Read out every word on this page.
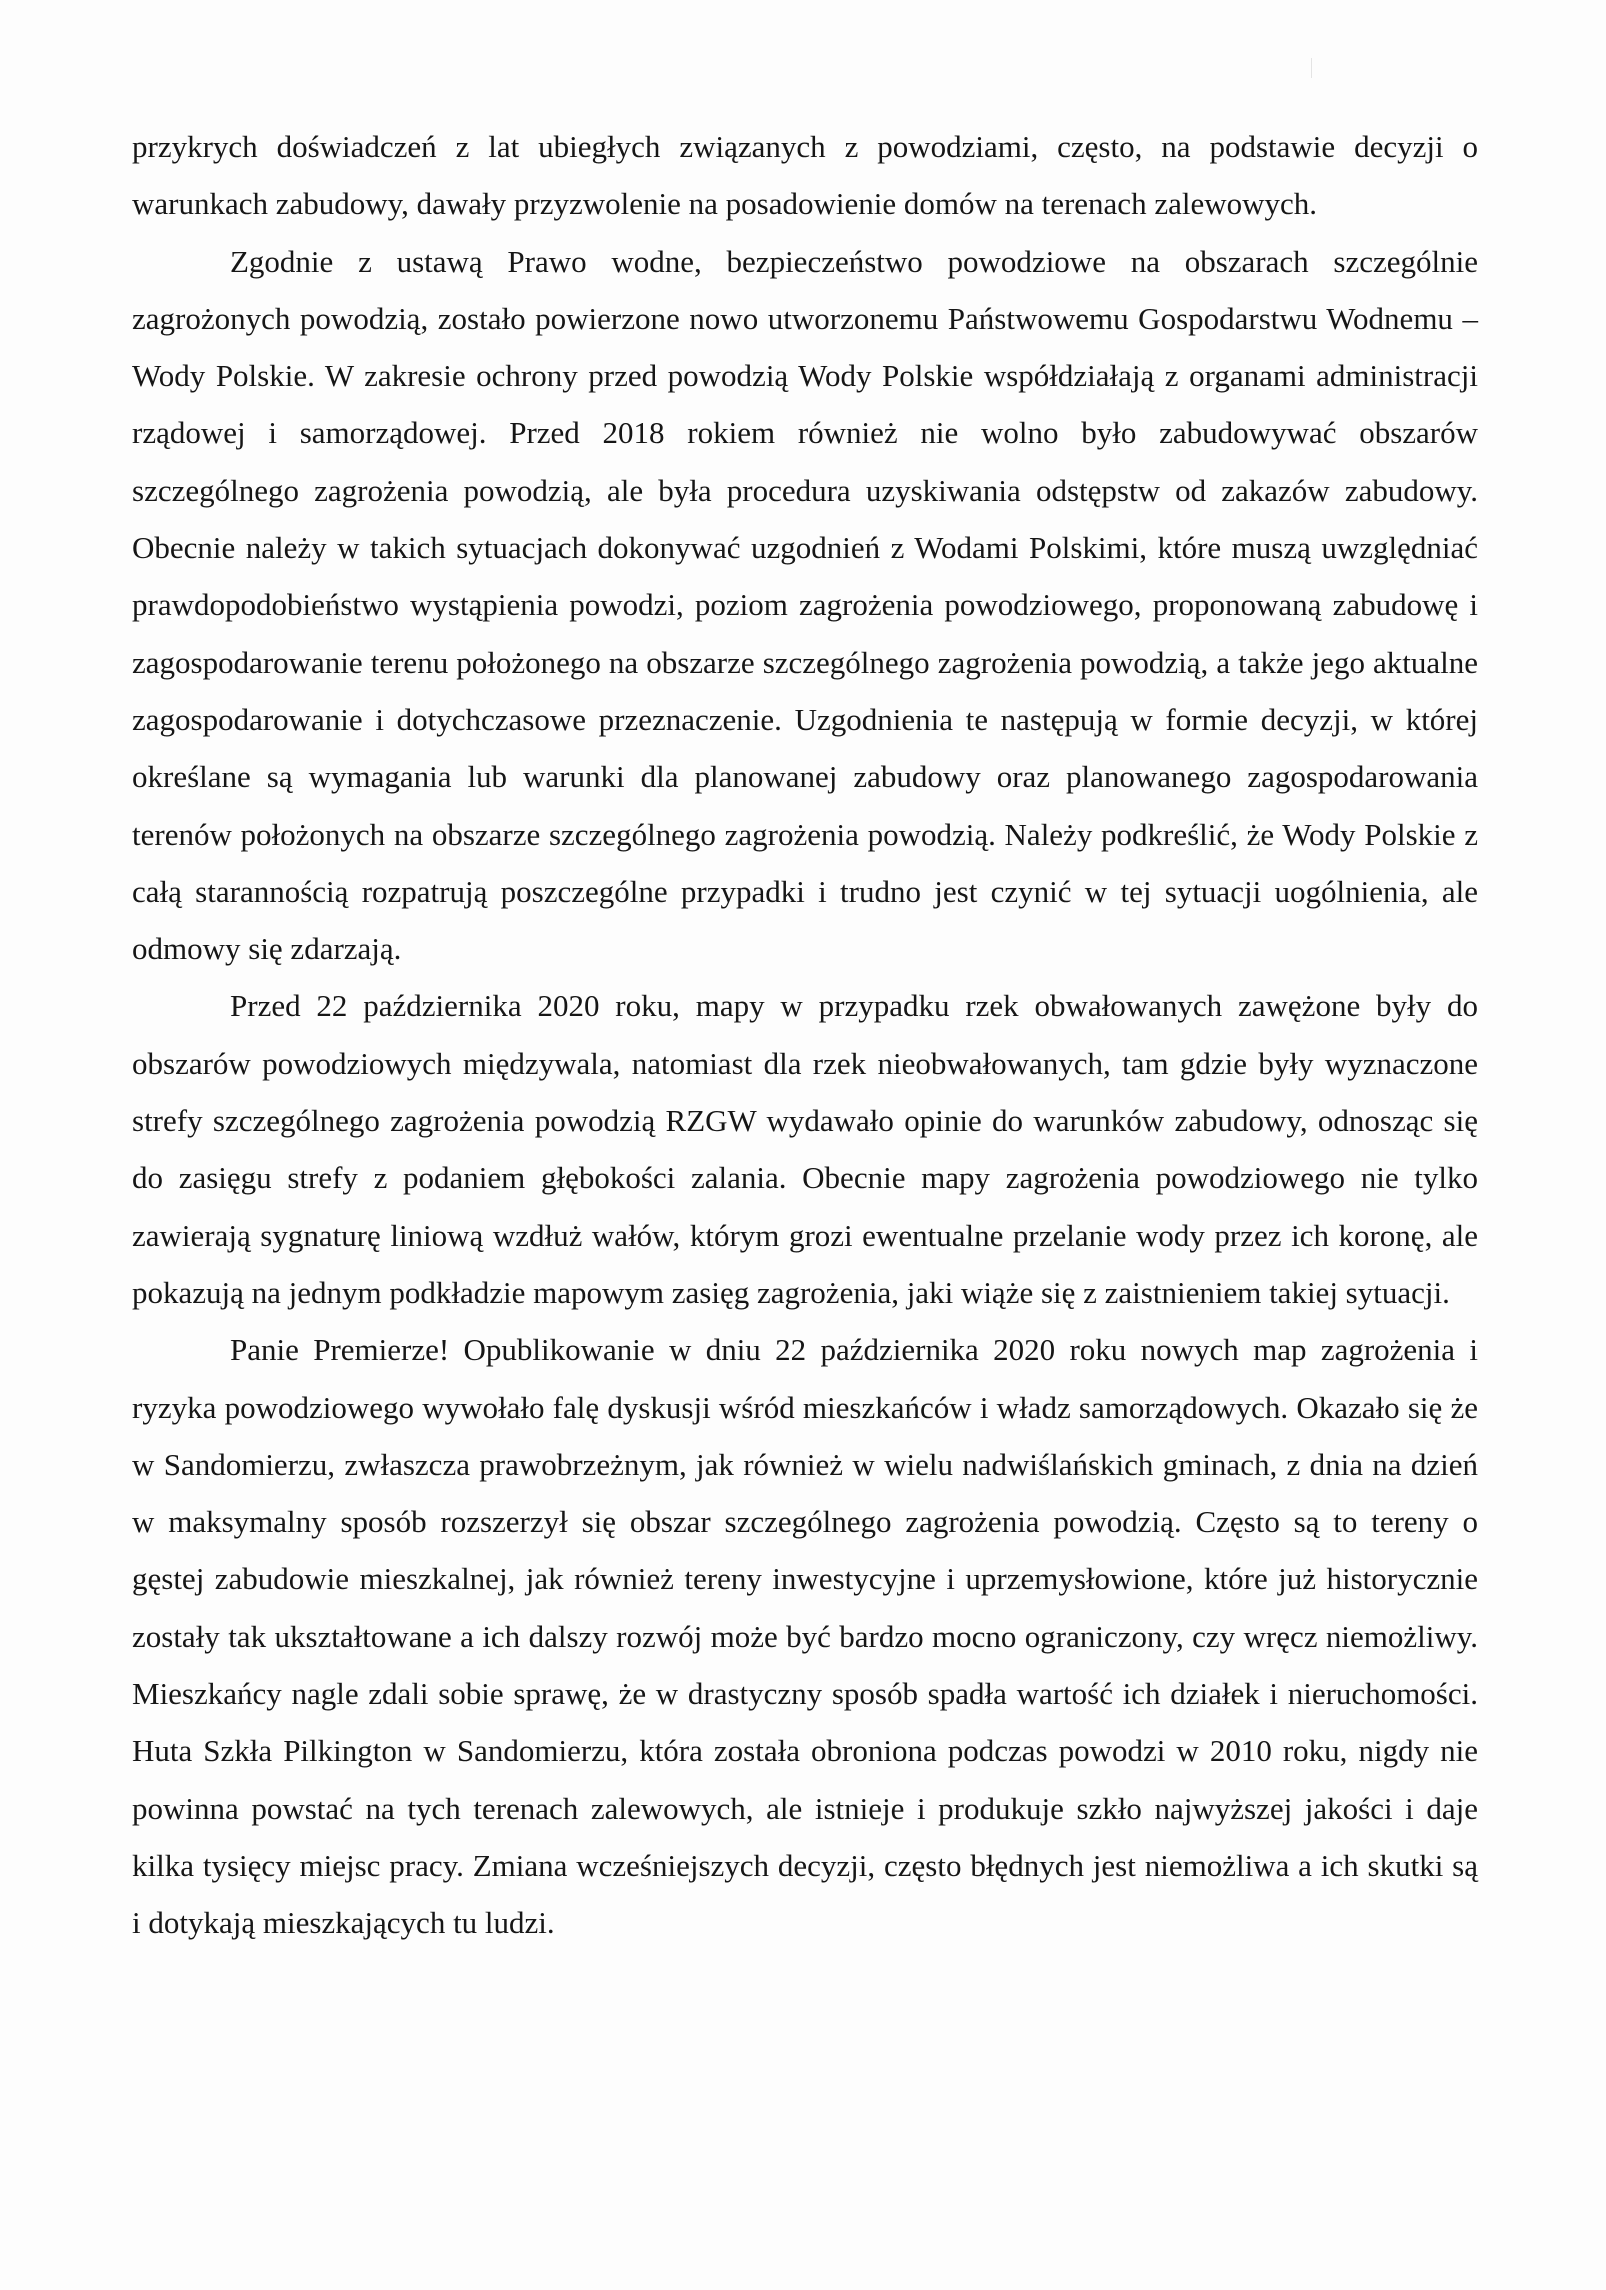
przykrych doświadczeń z lat ubiegłych związanych z powodziami, często, na podstawie decyzji o warunkach zabudowy, dawały przyzwolenie na posadowienie domów na terenach zalewowych.

Zgodnie z ustawą Prawo wodne, bezpieczeństwo powodziowe na obszarach szczególnie zagrożonych powodzią, zostało powierzone nowo utworzonemu Państwowemu Gospodarstwu Wodnemu – Wody Polskie. W zakresie ochrony przed powodzią Wody Polskie współdziałają z organami administracji rządowej i samorządowej. Przed 2018 rokiem również nie wolno było zabudowywać obszarów szczególnego zagrożenia powodzią, ale była procedura uzyskiwania odstępstw od zakazów zabudowy. Obecnie należy w takich sytuacjach dokonywać uzgodnień z Wodami Polskimi, które muszą uwzględniać prawdopodobieństwo wystąpienia powodzi, poziom zagrożenia powodziowego, proponowaną zabudowę i zagospodarowanie terenu położonego na obszarze szczególnego zagrożenia powodzią, a także jego aktualne zagospodarowanie i dotychczasowe przeznaczenie. Uzgodnienia te następują w formie decyzji, w której określane są wymagania lub warunki dla planowanej zabudowy oraz planowanego zagospodarowania terenów położonych na obszarze szczególnego zagrożenia powodzią. Należy podkreślić, że Wody Polskie z całą starannością rozpatrują poszczególne przypadki i trudno jest czynić w tej sytuacji uogólnienia, ale odmowy się zdarzają.

Przed 22 października 2020 roku, mapy w przypadku rzek obwałowanych zawężone były do obszarów powodziowych międzywala, natomiast dla rzek nieobwałowanych, tam gdzie były wyznaczone strefy szczególnego zagrożenia powodzią RZGW wydawało opinie do warunków zabudowy, odnosząc się do zasięgu strefy z podaniem głębokości zalania. Obecnie mapy zagrożenia powodziowego nie tylko zawierają sygnaturę liniową wzdłuż wałów, którym grozi ewentualne przelanie wody przez ich koronę, ale pokazują na jednym podkładzie mapowym zasięg zagrożenia, jaki wiąże się z zaistnieniem takiej sytuacji.

Panie Premierze! Opublikowanie w dniu 22 października 2020 roku nowych map zagrożenia i ryzyka powodziowego wywołało falę dyskusji wśród mieszkańców i władz samorządowych. Okazało się że w Sandomierzu, zwłaszcza prawobrzeżnym, jak również w wielu nadwiślańskich gminach, z dnia na dzień w maksymalny sposób rozszerzył się obszar szczególnego zagrożenia powodzią. Często są to tereny o gęstej zabudowie mieszkalnej, jak również tereny inwestycyjne i uprzemysłowione, które już historycznie zostały tak ukształtowane a ich dalszy rozwój może być bardzo mocno ograniczony, czy wręcz niemożliwy. Mieszkańcy nagle zdali sobie sprawę, że w drastyczny sposób spadła wartość ich działek i nieruchomości. Huta Szkła Pilkington w Sandomierzu, która została obroniona podczas powodzi w 2010 roku, nigdy nie powinna powstać na tych terenach zalewowych, ale istnieje i produkuje szkło najwyższej jakości i daje kilka tysięcy miejsc pracy. Zmiana wcześniejszych decyzji, często błędnych jest niemożliwa a ich skutki są i dotykają mieszkających tu ludzi.
